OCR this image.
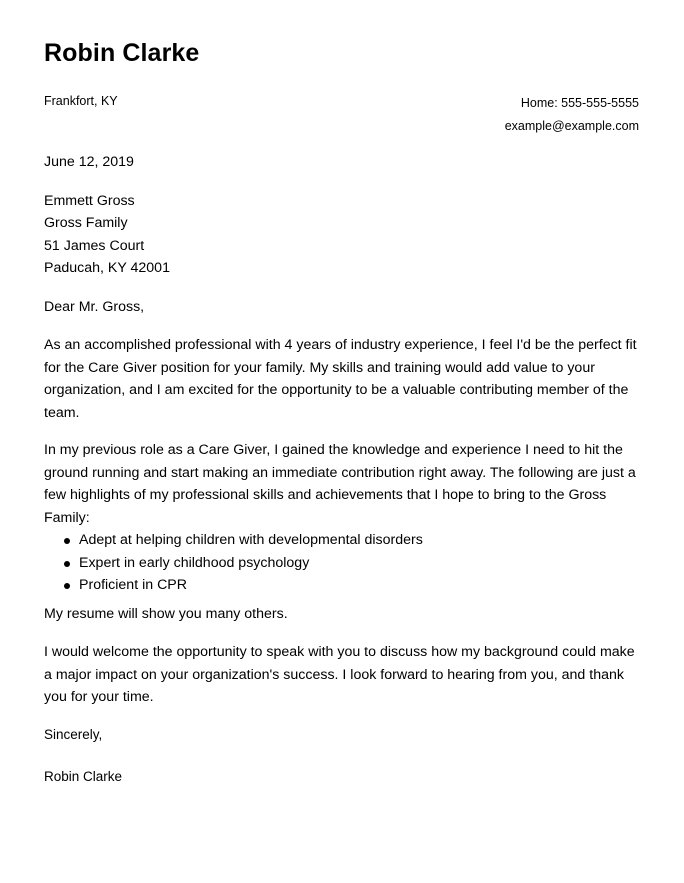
Robin Clarke
Frankfort, KY	Home: 555-555-5555
example@example.com

June 12, 2019

Emmett Gross
Gross Family
51 James Court
Paducah, KY 42001

Dear Mr. Gross,

As an accomplished professional with 4 years of industry experience, I feel I'd be the perfect fit for the Care Giver position for your family. My skills and training would add value to your organization, and I am excited for the opportunity to be a valuable contributing member of the team.

In my previous role as a Care Giver, I gained the knowledge and experience I need to hit the ground running and start making an immediate contribution right away. The following are just a few highlights of my professional skills and achievements that I hope to bring to the Gross Family:

Adept at helping children with developmental disorders
Expert in early childhood psychology
Proficient in CPR

My resume will show you many others.

I would welcome the opportunity to speak with you to discuss how my background could make a major impact on your organization's success. I look forward to hearing from you, and thank you for your time.

Sincerely,

Robin Clarke
